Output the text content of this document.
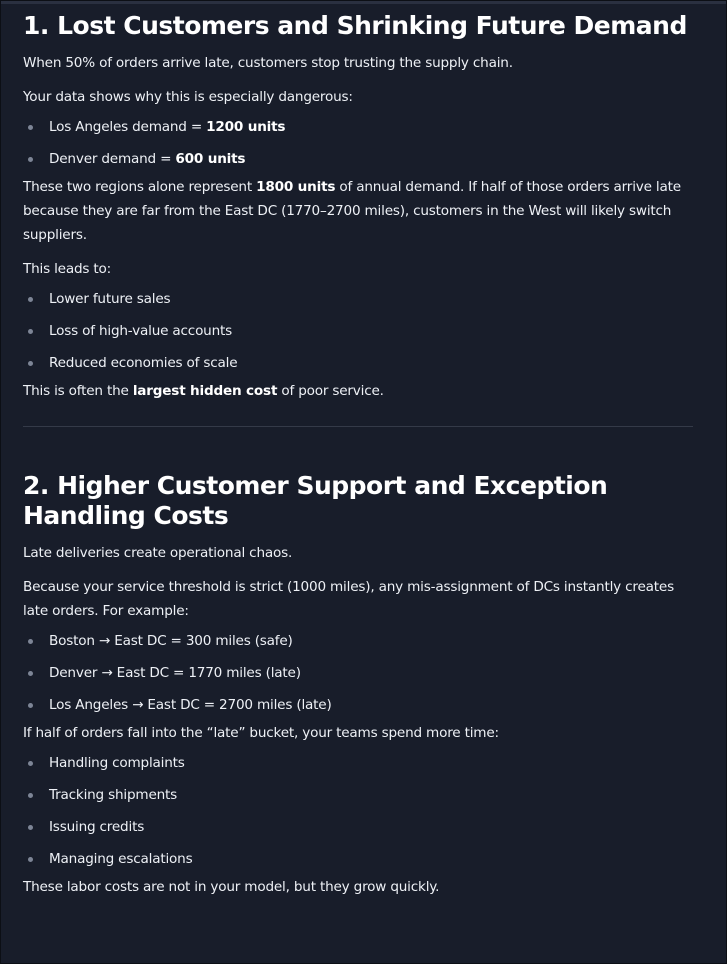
1. Lost Customers and Shrinking Future Demand

When 50% of orders arrive late, customers stop trusting the supply chain.

Your data shows why this is especially dangerous:

Los Angeles demand = 1200 units
Denver demand = 600 units

These two regions alone represent 1800 units of annual demand. If half of those orders arrive late because they are far from the East DC (1770–2700 miles), customers in the West will likely switch suppliers.

This leads to:

Lower future sales
Loss of high-value accounts
Reduced economies of scale

This is often the largest hidden cost of poor service.

2. Higher Customer Support and Exception Handling Costs

Late deliveries create operational chaos.

Because your service threshold is strict (1000 miles), any mis-assignment of DCs instantly creates late orders. For example:

Boston → East DC = 300 miles (safe)
Denver → East DC = 1770 miles (late)
Los Angeles → East DC = 2700 miles (late)

If half of orders fall into the “late” bucket, your teams spend more time:

Handling complaints
Tracking shipments
Issuing credits
Managing escalations

These labor costs are not in your model, but they grow quickly.
